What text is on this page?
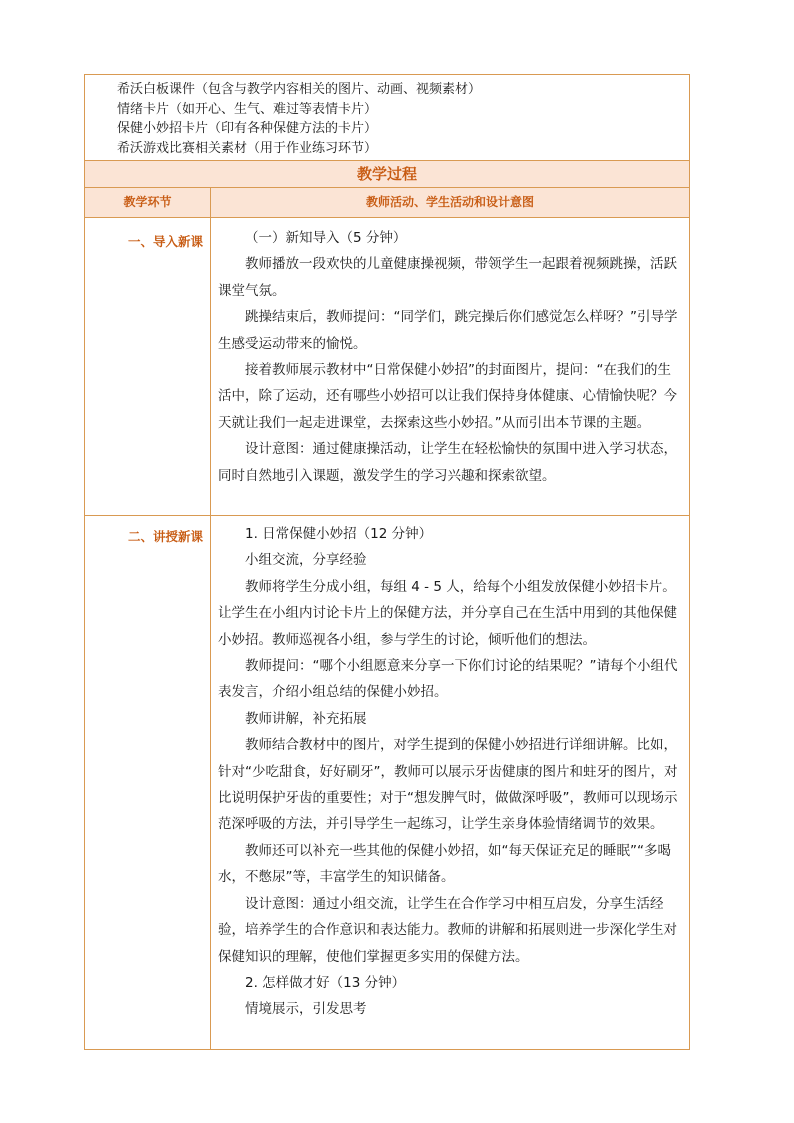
希沃白板课件（包含与教学内容相关的图片、动画、视频素材）
情绪卡片（如开心、生气、难过等表情卡片）
保健小妙招卡片（印有各种保健方法的卡片）
希沃游戏比赛相关素材（用于作业练习环节）
教学过程
教学环节	教师活动、学生活动和设计意图
一、导入新课	（一）新知导入（5 分钟）

教师播放一段欢快的儿童健康操视频，带领学生一起跟着视频跳操，活跃课堂气氛。

跳操结束后，教师提问：“同学们，跳完操后你们感觉怎么样呀？”引导学生感受运动带来的愉悦。

接着教师展示教材中“日常保健小妙招”的封面图片，提问：“在我们的生活中，除了运动，还有哪些小妙招可以让我们保持身体健康、心情愉快呢？今天就让我们一起走进课堂，去探索这些小妙招。”从而引出本节课的主题。

设计意图：通过健康操活动，让学生在轻松愉快的氛围中进入学习状态，同时自然地引入课题，激发学生的学习兴趣和探索欲望。

二、讲授新课	1. 日常保健小妙招（12 分钟）

小组交流，分享经验

教师将学生分成小组，每组 4 - 5 人，给每个小组发放保健小妙招卡片。让学生在小组内讨论卡片上的保健方法，并分享自己在生活中用到的其他保健小妙招。教师巡视各小组，参与学生的讨论，倾听他们的想法。

教师提问：“哪个小组愿意来分享一下你们讨论的结果呢？”请每个小组代表发言，介绍小组总结的保健小妙招。

教师讲解，补充拓展

教师结合教材中的图片，对学生提到的保健小妙招进行详细讲解。比如，针对“少吃甜食，好好刷牙”，教师可以展示牙齿健康的图片和蛀牙的图片，对比说明保护牙齿的重要性；对于“想发脾气时，做做深呼吸”，教师可以现场示范深呼吸的方法，并引导学生一起练习，让学生亲身体验情绪调节的效果。

教师还可以补充一些其他的保健小妙招，如“每天保证充足的睡眠”“多喝水，不憋尿”等，丰富学生的知识储备。

设计意图：通过小组交流，让学生在合作学习中相互启发，分享生活经验，培养学生的合作意识和表达能力。教师的讲解和拓展则进一步深化学生对保健知识的理解，使他们掌握更多实用的保健方法。

2. 怎样做才好（13 分钟）

情境展示，引发思考
